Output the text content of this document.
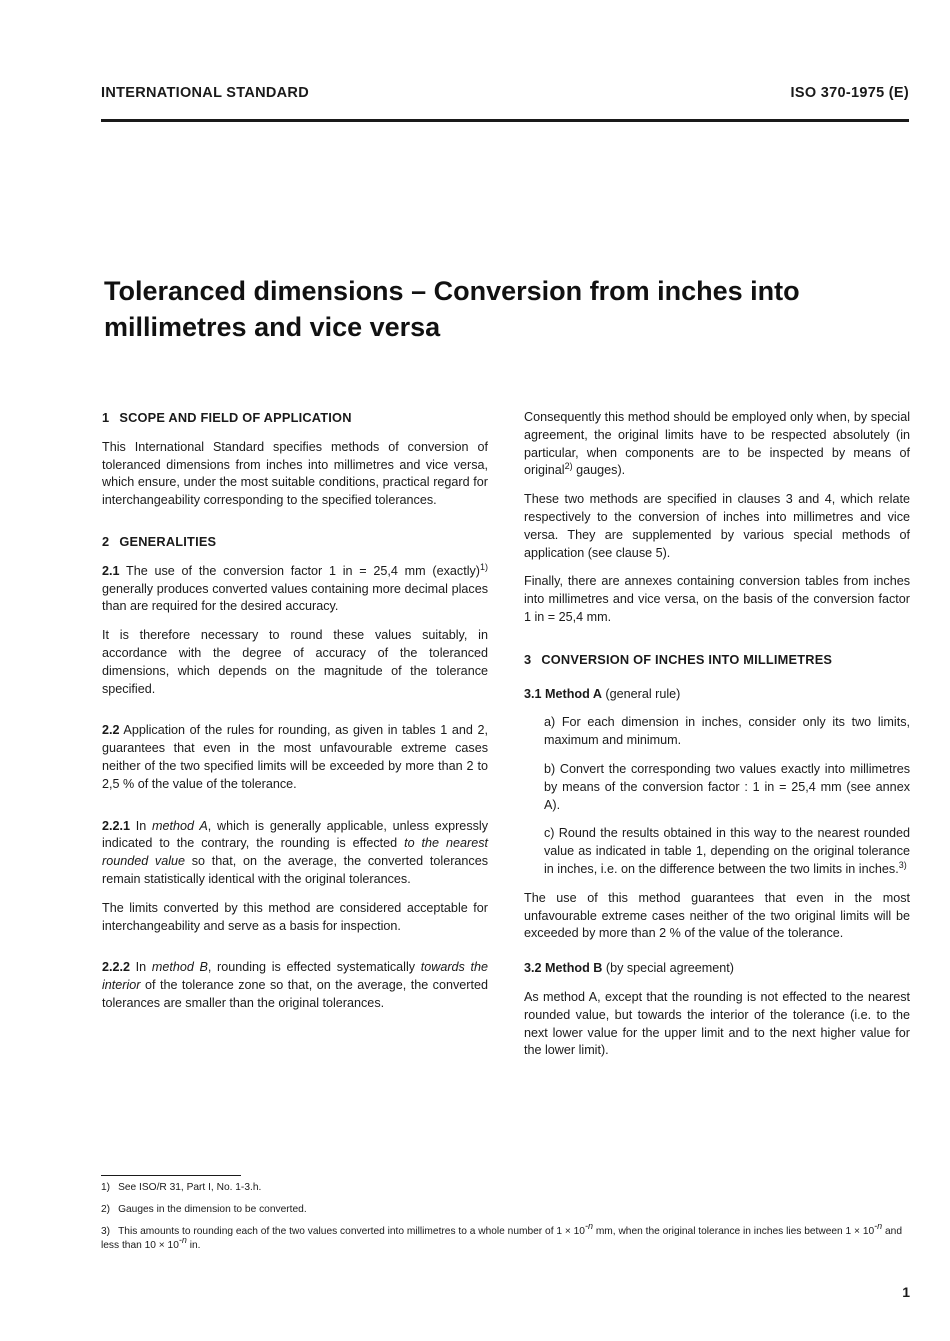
INTERNATIONAL STANDARD	ISO 370-1975 (E)
Toleranced dimensions – Conversion from inches into
millimetres and vice versa
1 SCOPE AND FIELD OF APPLICATION
This International Standard specifies methods of conversion of toleranced dimensions from inches into millimetres and vice versa, which ensure, under the most suitable conditions, practical regard for interchangeability corresponding to the specified tolerances.
2 GENERALITIES
2.1 The use of the conversion factor 1 in = 25,4 mm (exactly)$^{1)}$ generally produces converted values containing more decimal places than are required for the desired accuracy.
It is therefore necessary to round these values suitably, in accordance with the degree of accuracy of the toleranced dimensions, which depends on the magnitude of the tolerance specified.
2.2 Application of the rules for rounding, as given in tables 1 and 2, guarantees that even in the most unfavourable extreme cases neither of the two specified limits will be exceeded by more than 2 to 2,5 % of the value of the tolerance.
2.2.1 In method A, which is generally applicable, unless expressly indicated to the contrary, the rounding is effected to the nearest rounded value so that, on the average, the converted tolerances remain statistically identical with the original tolerances.
The limits converted by this method are considered acceptable for interchangeability and serve as a basis for inspection.
2.2.2 In method B, rounding is effected systematically towards the interior of the tolerance zone so that, on the average, the converted tolerances are smaller than the original tolerances.
Consequently this method should be employed only when, by special agreement, the original limits have to be respected absolutely (in particular, when components are to be inspected by means of original$^{2)}$ gauges).
These two methods are specified in clauses 3 and 4, which relate respectively to the conversion of inches into millimetres and vice versa. They are supplemented by various special methods of application (see clause 5).
Finally, there are annexes containing conversion tables from inches into millimetres and vice versa, on the basis of the conversion factor 1 in = 25,4 mm.
3 CONVERSION OF INCHES INTO MILLIMETRES
3.1 Method A (general rule)
a) For each dimension in inches, consider only its two limits, maximum and minimum.
b) Convert the corresponding two values exactly into millimetres by means of the conversion factor : 1 in = 25,4 mm (see annex A).
c) Round the results obtained in this way to the nearest rounded value as indicated in table 1, depending on the original tolerance in inches, i.e. on the difference between the two limits in inches.$^{3)}$
The use of this method guarantees that even in the most unfavourable extreme cases neither of the two original limits will be exceeded by more than 2 % of the value of the tolerance.
3.2 Method B (by special agreement)
As method A, except that the rounding is not effected to the nearest rounded value, but towards the interior of the tolerance (i.e. to the next lower value for the upper limit and to the next higher value for the lower limit).
1) See ISO/R 31, Part I, No. 1-3.h.
2) Gauges in the dimension to be converted.
3) This amounts to rounding each of the two values converted into millimetres to a whole number of $1 \times 10^{-n}$ mm, when the original tolerance in inches lies between $1 \times 10^{-n}$ and less than $10 \times 10^{-n}$ in.
1
